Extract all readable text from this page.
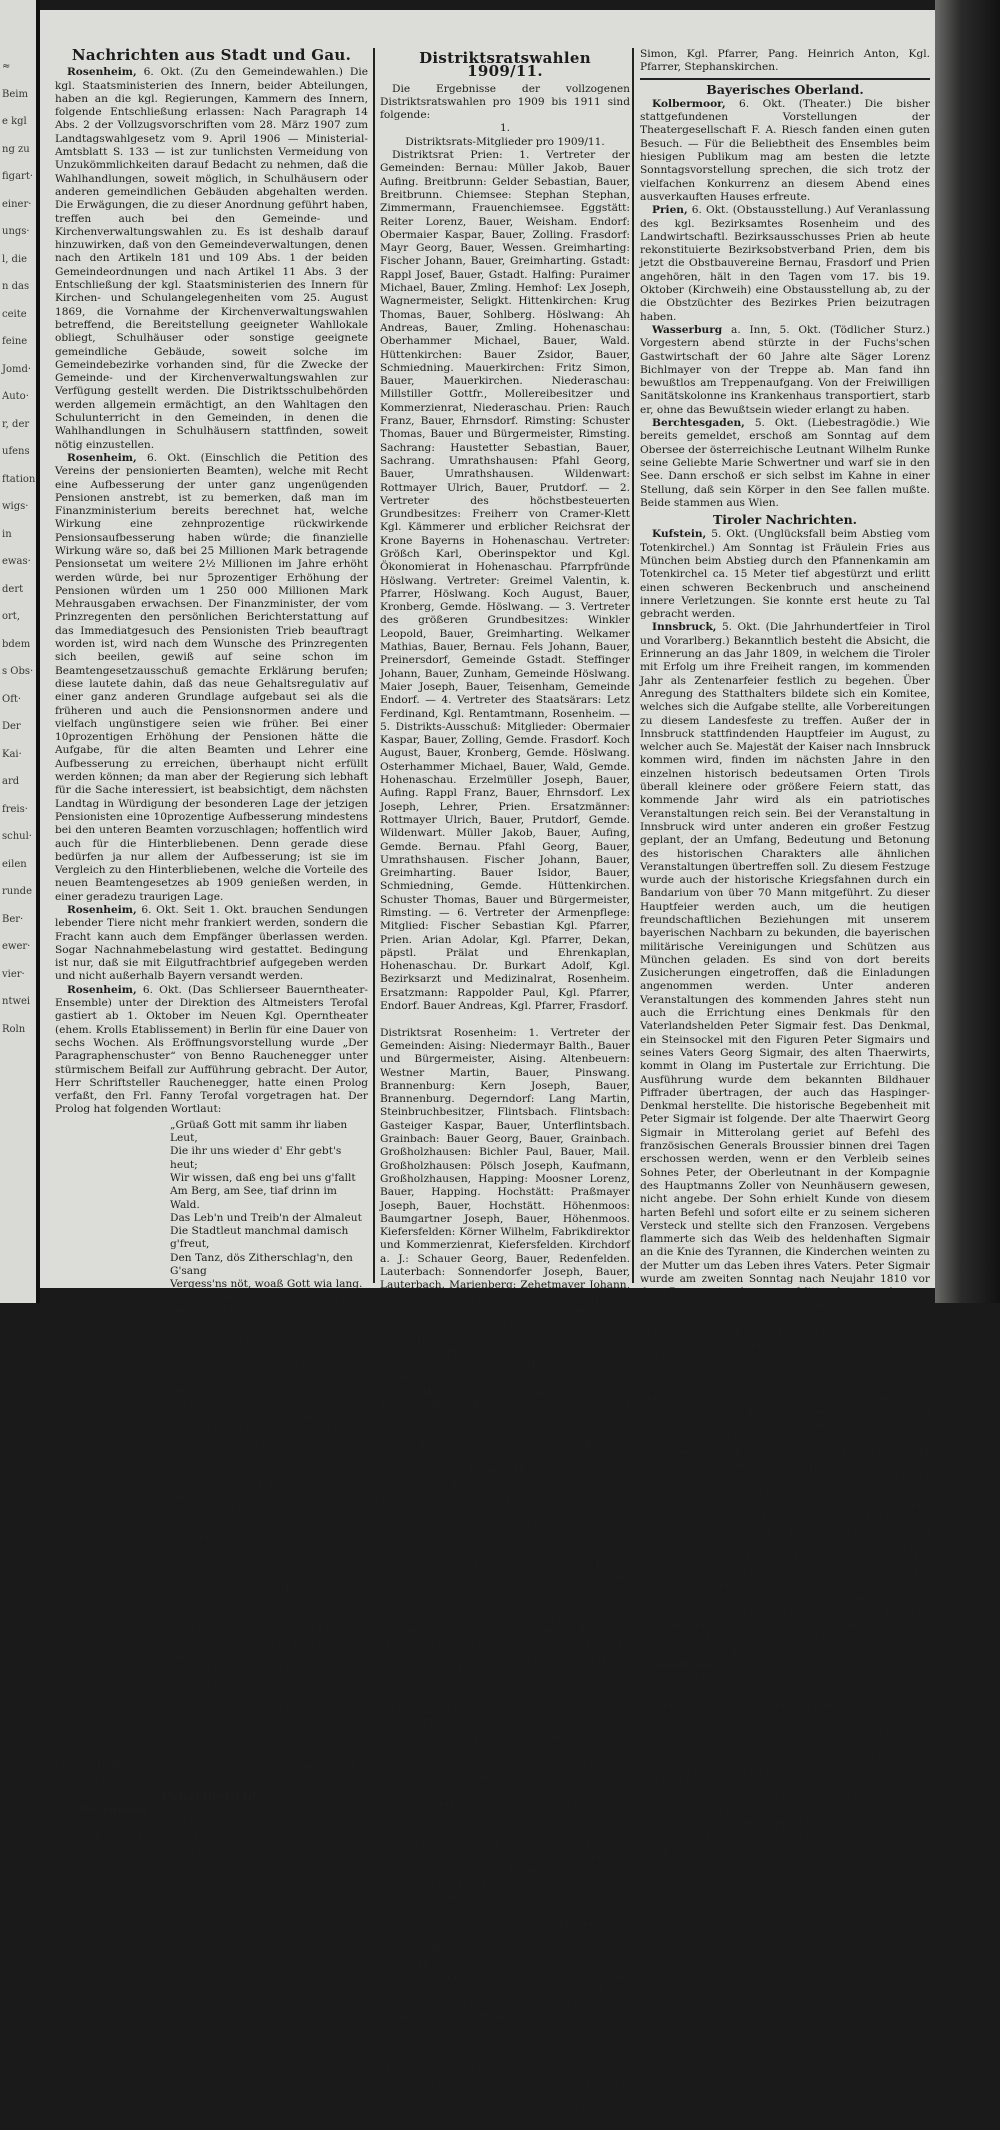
≈
Beim
e kgl
ng zu
figart·
einer·
ungs·
l, die
n das
ceite
feine
Jomd·
Auto·
r, der
ufens
ftation
wigs·
in
ewas·
dert
ort,
bdem
s Obs·
Oft·
Der
Kai·
ard
freis·
schul·
eilen
runde
Ber·
ewer·
vier·
ntwei
Roln
Nachrichten aus Stadt und Gau.

Rosenheim, 6. Okt. (Zu den Gemeindewahlen.) Die kgl. Staatsministerien des Innern, beider Abteilungen, haben an die kgl. Regierungen, Kammern des Innern, folgende Entschließung erlassen: Nach Paragraph 14 Abs. 2 der Vollzugsvorschriften vom 28. März 1907 zum Landtagswahlgesetz vom 9. April 1906 — Ministerial-Amtsblatt S. 133 — ist zur tunlichsten Vermeidung von Unzukömmlichkeiten darauf Bedacht zu nehmen, daß die Wahlhandlungen, soweit möglich, in Schulhäusern oder anderen gemeindlichen Gebäuden abgehalten werden. Die Erwägungen, die zu dieser Anordnung geführt haben, treffen auch bei den Gemeinde- und Kirchenverwaltungswahlen zu. Es ist deshalb darauf hinzuwirken, daß von den Gemeindeverwaltungen, denen nach den Artikeln 181 und 109 Abs. 1 der beiden Gemeindeordnungen und nach Artikel 11 Abs. 3 der Entschließung der kgl. Staatsministerien des Innern für Kirchen- und Schulangelegenheiten vom 25. August 1869, die Vornahme der Kirchenverwaltungswahlen betreffend, die Bereitstellung geeigneter Wahllokale obliegt, Schulhäuser oder sonstige geeignete gemeindliche Gebäude, soweit solche im Gemeindebezirke vorhanden sind, für die Zwecke der Gemeinde- und der Kirchenverwaltungswahlen zur Verfügung gestellt werden. Die Distriktsschulbehörden werden allgemein ermächtigt, an den Wahltagen den Schulunterricht in den Gemeinden, in denen die Wahlhandlungen in Schulhäusern stattfinden, soweit nötig einzustellen.

Rosenheim, 6. Okt. (Einschlich die Petition des Vereins der pensionierten Beamten), welche mit Recht eine Aufbesserung der unter ganz ungenügenden Pensionen anstrebt, ist zu bemerken, daß man im Finanzministerium bereits berechnet hat, welche Wirkung eine zehnprozentige rückwirkende Pensionsaufbesserung haben würde; die finanzielle Wirkung wäre so, daß bei 25 Millionen Mark betragende Pensionsetat um weitere 2½ Millionen im Jahre erhöht werden würde, bei nur 5prozentiger Erhöhung der Pensionen würden um 1 250 000 Millionen Mark Mehrausgaben erwachsen. Der Finanzminister, der vom Prinzregenten den persönlichen Berichterstattung auf das Immediatgesuch des Pensionisten Trieb beauftragt worden ist, wird nach dem Wunsche des Prinzregenten sich beeilen, gewiß auf seine schon im Beamtengesetzausschuß gemachte Erklärung berufen; diese lautete dahin, daß das neue Gehaltsregulativ auf einer ganz anderen Grundlage aufgebaut sei als die früheren und auch die Pensionsnormen andere und vielfach ungünstigere seien wie früher. Bei einer 10prozentigen Erhöhung der Pensionen hätte die Aufgabe, für die alten Beamten und Lehrer eine Aufbesserung zu erreichen, überhaupt nicht erfüllt werden können; da man aber der Regierung sich lebhaft für die Sache interessiert, ist beabsichtigt, dem nächsten Landtag in Würdigung der besonderen Lage der jetzigen Pensionisten eine 10prozentige Aufbesserung mindestens bei den unteren Beamten vorzuschlagen; hoffentlich wird auch für die Hinterbliebenen. Denn gerade diese bedürfen ja nur allem der Aufbesserung; ist sie im Vergleich zu den Hinterbliebenen, welche die Vorteile des neuen Beamtengesetzes ab 1909 genießen werden, in einer geradezu traurigen Lage.

Rosenheim, 6. Okt. Seit 1. Okt. brauchen Sendungen lebender Tiere nicht mehr frankiert werden, sondern die Fracht kann auch dem Empfänger überlassen werden. Sogar Nachnahmebelastung wird gestattet. Bedingung ist nur, daß sie mit Eilgutfrachtbrief aufgegeben werden und nicht außerhalb Bayern versandt werden.

Rosenheim, 6. Okt. (Das Schlierseer Bauerntheater-Ensemble) unter der Direktion des Altmeisters Terofal gastiert ab 1. Oktober im Neuen Kgl. Operntheater (ehem. Krolls Etablissement) in Berlin für eine Dauer von sechs Wochen. Als Eröffnungsvorstellung wurde „Der Paragraphenschuster“ von Benno Rauchenegger unter stürmischem Beifall zur Aufführung gebracht. Der Autor, Herr Schriftsteller Rauchenegger, hatte einen Prolog verfaßt, den Frl. Fanny Terofal vorgetragen hat. Der Prolog hat folgenden Wortlaut:

„Grüaß Gott mit samm ihr liaben Leut,
Die ihr uns wieder d' Ehr gebt's heut;
Wir wissen, daß eng bei uns g'fallt
Am Berg, am See, tiaf drinn im Wald.
Das Leb'n und Treib'n der Almaleut
Die Stadtleut manchmal damisch g'freut,
Den Tanz, dös Zitherschlag'n, den G'sang
Vergess'ns nöt, woaß Gott wia lang.
In unsrer Hoamat werd's jetzt fad,
Denn 's letzte Groamat is scho' g'maht,
Die Alma lieg'n scho' ganz verschneit,
Koan Juhazer hörst weit und breit,
Koa Glöckerl ma' von oben hört,
Denn 's Almvieh is im Stall eing'sperrt,
Und dö dazua g'hört, d' Sennerin,
Dö hockt recht fad im Stüberl drinn.
Wenn's so is, nachat packt ma z'samm
's Theater, d' Musi, was ma ham,
Und roas'n damit umanand,
Denn spiel'n könn' ma ja allerhand.
Wir bringan Gmüat, wir bringan Scherz,
Wir geb'n eng unser ganzes Herz;
Net, daß wir damit aufdrah'n woll'n,
Na, na, wir tuan gar net so g'schwoll'n,
Wir werd'n heut aus dem Bauernleb'n
Was Lustig's eng zum Besten geb'n.
Zum Lach'n was, net zum Studiern,
Wir wollen's mit an G'spaß probiern,
Denn ernst is Leben mehr als gnua
Und oft kimmt's Unglück a dazua.
I denk', nach Tages Müh und Last
Is Frohsinn doch der beste Gast,
Und in dem Sinn bitt i um Gunst
Für uns're schlichte Bauernkunst.“

Das Volksstück „Der Paragraphenschuster“ wurde bei ausverkauftem Hause mit größter Freude aufgenommen und Herr Benno Rauchenegger wiederholt nach Schluß der Aufführung vor die Rampe gerufen.

Polizeibericht.

P. Rosenheim, 6. Okt. Am Samstag abends halb 6 Uhr wurde am hiesigen Bahnhof ein Rucksack entwendet, der dort auf einer Bank lag. Im Rucksack befanden sich ein Paar frisch gesohlte Frauenschuhe und mehrere Romanhefte.

Distriktsratswahlen 1909/11.

Die Ergebnisse der vollzogenen Distriktsratswahlen pro 1909 bis 1911 sind folgende:

1.

Distriktsrats-Mitglieder pro 1909/11.

Distriktsrat Prien: 1. Vertreter der Gemeinden: Bernau: Müller Jakob, Bauer Aufing. Breitbrunn: Gelder Sebastian, Bauer, Breitbrunn. Chiemsee: Stephan Stephan, Zimmermann, Frauenchiemsee. Eggstätt: Reiter Lorenz, Bauer, Weisham. Endorf: Obermaier Kaspar, Bauer, Zolling. Frasdorf: Mayr Georg, Bauer, Wessen. Greimharting: Fischer Johann, Bauer, Greimharting. Gstadt: Rappl Josef, Bauer, Gstadt. Halfing: Puraimer Michael, Bauer, Zmling. Hemhof: Lex Joseph, Wagnermeister, Seligkt. Hittenkirchen: Krug Thomas, Bauer, Sohlberg. Höslwang: Ah Andreas, Bauer, Zmling. Hohenaschau: Oberhammer Michael, Bauer, Wald. Hüttenkirchen: Bauer Zsidor, Bauer, Schmiedning. Mauerkirchen: Fritz Simon, Bauer, Mauerkirchen. Niederaschau: Millstiller Gottfr., Mollereibesitzer und Kommerzienrat, Niederaschau. Prien: Rauch Franz, Bauer, Ehrnsdorf. Rimsting: Schuster Thomas, Bauer und Bürgermeister, Rimsting. Sachrang: Haustetter Sebastian, Bauer, Sachrang. Umrathshausen: Pfahl Georg, Bauer, Umrathshausen. Wildenwart: Rottmayer Ulrich, Bauer, Prutdorf. — 2. Vertreter des höchstbesteuerten Grundbesitzes: Freiherr von Cramer-Klett Kgl. Kämmerer und erblicher Reichsrat der Krone Bayerns in Hohenaschau. Vertreter: Größch Karl, Oberinspektor und Kgl. Ökonomierat in Hohenaschau. Pfarrpfründe Höslwang. Vertreter: Greimel Valentin, k. Pfarrer, Höslwang. Koch August, Bauer, Kronberg, Gemde. Höslwang. — 3. Vertreter des größeren Grundbesitzes: Winkler Leopold, Bauer, Greimharting. Welkamer Mathias, Bauer, Bernau. Fels Johann, Bauer, Preinersdorf, Gemeinde Gstadt. Steffinger Johann, Bauer, Zunham, Gemeinde Höslwang. Maier Joseph, Bauer, Teisenham, Gemeinde Endorf. — 4. Vertreter des Staatsärars: Letz Ferdinand, Kgl. Rentamtmann, Rosenheim. — 5. Distrikts-Ausschuß: Mitglieder: Obermaier Kaspar, Bauer, Zolling, Gemde. Frasdorf. Koch August, Bauer, Kronberg, Gemde. Höslwang. Osterhammer Michael, Bauer, Wald, Gemde. Hohenaschau. Erzelmüller Joseph, Bauer, Aufing. Rappl Franz, Bauer, Ehrnsdorf. Lex Joseph, Lehrer, Prien. Ersatzmänner: Rottmayer Ulrich, Bauer, Prutdorf, Gemde. Wildenwart. Müller Jakob, Bauer, Aufing, Gemde. Bernau. Pfahl Georg, Bauer, Umrathshausen. Fischer Johann, Bauer, Greimharting. Bauer Isidor, Bauer, Schmiedning, Gemde. Hüttenkirchen. Schuster Thomas, Bauer und Bürgermeister, Rimsting. — 6. Vertreter der Armenpflege: Mitglied: Fischer Sebastian Kgl. Pfarrer, Prien. Arian Adolar, Kgl. Pfarrer, Dekan, päpstl. Prälat und Ehrenkaplan, Hohenaschau. Dr. Burkart Adolf, Kgl. Bezirksarzt und Medizinalrat, Rosenheim. Ersatzmann: Rappolder Paul, Kgl. Pfarrer, Endorf. Bauer Andreas, Kgl. Pfarrer, Frasdorf.

Distriktsrat Rosenheim: 1. Vertreter der Gemeinden: Aising: Niedermayr Balth., Bauer und Bürgermeister, Aising. Altenbeuern: Westner Martin, Bauer, Pinswang. Brannenburg: Kern Joseph, Bauer, Brannenburg. Degerndorf: Lang Martin, Steinbruchbesitzer, Flintsbach. Flintsbach: Gasteiger Kaspar, Bauer, Unterflintsbach. Grainbach: Bauer Georg, Bauer, Grainbach. Großholzhausen: Bichler Paul, Bauer, Mail. Großholzhausen: Pölsch Joseph, Kaufmann, Großholzhausen, Happing: Moosner Lorenz, Bauer, Happing. Hochstätt: Praßmayer Joseph, Bauer, Hochstätt. Höhenmoos: Baumgartner Joseph, Bauer, Höhenmoos. Kiefersfelden: Körner Wilhelm, Fabrikdirektor und Kommerzienrat, Kiefersfelden. Kirchdorf a. J.: Schauer Georg, Bauer, Redenfelden. Lauterbach: Sonnendorfer Joseph, Bauer, Lauterbach. Marienberg: Zehetmayer Johann, Bauer, Germering. Neubeuern: Wisböck Joseph, Bauer, Gemde. Neubeuern. Niederaudorf: Rechenauer Andreas, Gastwirt, Persdorf. Niederaudorf: Gruber Ludwig, Bauer, Niederaudorf. Nußdorf: Dettendorfer Wolfgang, Bauer, Überfilzen. Oberaudorf: Hagen Karl, Apotheker, Oberaudorf. Pang: Bauer, Hohenofen. Pfraundorf: Reitschuster Thomas, Bauer, Breitaich. Prutting: Kronast Johann, Bauer, Mangolding. Riedering: Berger Joseph, Bauer, Kaltenbach. Rohrdorf: Bauer Anton, Bauer, Zaisering. Söchtenau: Brunner Joseph, Bauer, Timming. Stephanskirchen: Stein Johann, Bauer, Hundham. Thansau: Ortmayer Balthasar, Bauer, Rohrdorf. Tuntenhausen: Binder Peter, Schmiedmeister, Esbaum. Vogtareuth: Winterholler Fr., Fabrikbes., Stephanskirchen. Törwang: Pallauf Jos., Gastwirt, Törwang. Westerndorf: Hoffstetter Jos., Bürgermeister, Vogtareuth. Westerndorf: Kiener Georg, Bauer, Pfaffenhofen. — 2. Vertreter des höchstbesteuerten Grundbesitzes: Steinbeis Otto, Kommerzienrat, Degerndorf. Menbestadt Jan, Freiherr von Schloßgutsbesitzer, Neubeuern. Reinhard Max, Schloßgutsbesitzer und Kgl. Major a. D. Brannenburg, Oberhammer Hugo, Gutsbesitzer, München. — 3. Vertreter der größeren Grundbesitzes: Wagner Joseph, Bauer, Wang. Sailer Joseph, Mühlbesitzer, Mühlgrünmühle. Guggenberger Joseph, Bauer, Fürstätt, Gemde. Pang. Sandbichler Joseph, Bauer, Piezing. Danner Matthäus, Bauer, Lohen, Gemde. Marienberg. Auer Joseph, Bauer, Mühlau, Gemde. Kiefersfelden. Fürst August, Mühlbesitzer, Gang. Steinegger Johann, Bauer, Vogtareuth. Klöo Stephan, Bauer, Baierbach, Gemde. Stephanskirchen. — 4. Vertreter des Staatsärars: Letz Ferdinand, Kgl. Rentamtmann, Rosenheim. — 5. Distrikts-Ausschuß: Mitglieder: Brunner Joseph, Bauer, Timming, Gemde. Söchtering. Wisböck Joseph, Bauer, Neubeuern. Dinzenhofer Frz., Bauer, Hahenofen, Gemde. Pang. Steinbeis Otto, Kommerzienrat, Degerndorf. Sandbichler Joseph, Bauer, Piezing. Kiener Georg, Bauer, Pfaffenhofen, Gemde. Westerndorf. Ersatzmänner: Wagner Joseph, Bauer, Wang. Praßmayer Joseph, Bauer, Hochstätt. Sailer Joseph, Mühlbesitzer, Mühlgrünmühle, Gemde. Aising. Gruber Ludwig, Bauer, Niederaudorf. Winderholler Franz, Fabrikbesitzer, Stephanskirchen. Huber Joseph, Bauer, Fürstätt, Gemde. Westerndorf. — 6. Vertreter der Armenpflege: Mitglieder: Rapl Joseph, Kgl. Pfarrer und Distriktsschulinspektor, Neubeuern. Bed Martin, Kgl. Pfarrer und Distriktsschulinspektor, Oberaudorf. Dr. Burkart Adolf, Kgl. Bezirksarzt und Medizinalrat, Rosenheim. Ersatzmänner: Irlbacher Simon,

Simon, Kgl. Pfarrer, Pang. Heinrich Anton, Kgl. Pfarrer, Stephanskirchen.

Bayerisches Oberland.

Kolbermoor, 6. Okt. (Theater.) Die bisher stattgefundenen Vorstellungen der Theatergesellschaft F. A. Riesch fanden einen guten Besuch. — Für die Beliebtheit des Ensembles beim hiesigen Publikum mag am besten die letzte Sonntagsvorstellung sprechen, die sich trotz der vielfachen Konkurrenz an diesem Abend eines ausverkauften Hauses erfreute.

Prien, 6. Okt. (Obstausstellung.) Auf Veranlassung des kgl. Bezirksamtes Rosenheim und des Landwirtschaftl. Bezirksausschusses Prien ab heute rekonstituierte Bezirksobstverband Prien, dem bis jetzt die Obstbauvereine Bernau, Frasdorf und Prien angehören, hält in den Tagen vom 17. bis 19. Oktober (Kirchweih) eine Obstausstellung ab, zu der die Obstzüchter des Bezirkes Prien beizutragen haben.

Wasserburg a. Inn, 5. Okt. (Tödlicher Sturz.) Vorgestern abend stürzte in der Fuchs'schen Gastwirtschaft der 60 Jahre alte Säger Lorenz Bichlmayer von der Treppe ab. Man fand ihn bewußtlos am Treppenaufgang. Von der Freiwilligen Sanitätskolonne ins Krankenhaus transportiert, starb er, ohne das Bewußtsein wieder erlangt zu haben.

Berchtesgaden, 5. Okt. (Liebestragödie.) Wie bereits gemeldet, erschoß am Sonntag auf dem Obersee der österreichische Leutnant Wilhelm Runke seine Geliebte Marie Schwertner und warf sie in den See. Dann erschoß er sich selbst im Kahne in einer Stellung, daß sein Körper in den See fallen mußte. Beide stammen aus Wien.

Tiroler Nachrichten.

Kufstein, 5. Okt. (Unglücksfall beim Abstieg vom Totenkirchel.) Am Sonntag ist Fräulein Fries aus München beim Abstieg durch den Pfannenkamin am Totenkirchel ca. 15 Meter tief abgestürzt und erlitt einen schweren Beckenbruch und anscheinend innere Verletzungen. Sie konnte erst heute zu Tal gebracht werden.

Innsbruck, 5. Okt. (Die Jahrhundertfeier in Tirol und Vorarlberg.) Bekanntlich besteht die Absicht, die Erinnerung an das Jahr 1809, in welchem die Tiroler mit Erfolg um ihre Freiheit rangen, im kommenden Jahr als Zentenarfeier festlich zu begehen. Über Anregung des Statthalters bildete sich ein Komitee, welches sich die Aufgabe stellte, alle Vorbereitungen zu diesem Landesfeste zu treffen. Außer der in Innsbruck stattfindenden Hauptfeier im August, zu welcher auch Se. Majestät der Kaiser nach Innsbruck kommen wird, finden im nächsten Jahre in den einzelnen historisch bedeutsamen Orten Tirols überall kleinere oder größere Feiern statt, das kommende Jahr wird als ein patriotisches Veranstaltungen reich sein. Bei der Veranstaltung in Innsbruck wird unter anderen ein großer Festzug geplant, der an Umfang, Bedeutung und Betonung des historischen Charakters alle ähnlichen Veranstaltungen übertreffen soll. Zu diesem Festzuge wurde auch der historische Kriegsfahnen durch ein Bandarium von über 70 Mann mitgeführt. Zu dieser Hauptfeier werden auch, um die heutigen freundschaftlichen Beziehungen mit unserem bayerischen Nachbarn zu bekunden, die bayerischen militärische Vereinigungen und Schützen aus München geladen. Es sind von dort bereits Zusicherungen eingetroffen, daß die Einladungen angenommen werden. Unter anderen Veranstaltungen des kommenden Jahres steht nun auch die Errichtung eines Denkmals für den Vaterlandshelden Peter Sigmair fest. Das Denkmal, ein Steinsockel mit den Figuren Peter Sigmairs und seines Vaters Georg Sigmair, des alten Thaerwirts, kommt in Olang im Pustertale zur Errichtung. Die Ausführung wurde dem bekannten Bildhauer Piffrader übertragen, der auch das Haspinger-Denkmal herstellte. Die historische Begebenheit mit Peter Sigmair ist folgende. Der alte Thaerwirt Georg Sigmair in Mitterolang geriet auf Befehl des französischen Generals Broussier binnen drei Tagen erschossen werden, wenn er den Verbleib seines Sohnes Peter, der Oberleutnant in der Kompagnie des Hauptmanns Zoller von Neunhäusern gewesen, nicht angebe. Der Sohn erhielt Kunde von diesem harten Befehl und sofort eilte er zu seinem sicheren Versteck und stellte sich den Franzosen. Vergebens flammerte sich das Weib des heldenhaften Sigmair an die Knie des Tyrannen, die Kinderchen weinten zu der Mutter um das Leben ihres Vaters. Peter Sigmair wurde am zweiten Sonntag nach Neujahr 1810 vor dem Baumgartnerhause zu Mitterolang erschossen. Die einzige Vergünstigung, welche der Franzose gestattete, war, daß Sigmair nicht, wie es ursprünglich beabsichtigt und angeordnet war, vor seinem Vaterhause erschossen und dann an einem Galgen aufgehängt werden sollte. Das Andenken dieses heldenmütigen Opfers soll so am besten die Nachwelt überliefert. Wie der Festzug und all die übrigen kleinen Einzelheiten aus den Zeiten der Befreiungskriege. Die hervorragendsten Helden und Dulder dieser schweren Zeit sollen nun, wie es sich gebührt, aus Anlaß der Zentenarfeier im kommenden Jahre geehrt werden. Auch das Land Vorarlberg plant eine würdige Begehung des Erinnerungsjahres. Das Komitee, welches sich zu diesem Zwecke bildete, hat am 2. d. Mts. einen Entwurf für einen historischen Schützen- und Soldatenfest-Festzug in Bregenz ausgearbeitet. Der Landeshauptmann, Reichstagsabgeordneter und Herrenhausmitglied Rhomberg, Reichsratsabgeordneter Fink, Bürgermeister Dr. Kinz-Feldkirch, Bürgermeister Dr. Peer-Feldkirch und Landesausschußmitglied Dr. Drexel richteten an das Allerhöchste Hoflager zu Wien an den Kaiser und den Thronfolger Erzherzog Franz Ferdinand zur Teilnahme an dem in Bregenz stattfindenden Vorarlberger Feste einzuladen. Der Erzherzog Eugen wird um die Übernahme des Protektorats des Festzuges gebeten.

Innsbruck, 4. Okt. (Vom Zuge getötet.) Der Zeltwarenfabrikant Fritz Spiegel aus Innsbruck, früher Kronenwirt in Oberdorf, fuhr am 2. d. Mts. abends mit seinem zweispännigen Fuhrwerk von Bregenz nach Dornbirn zurück. In der Nähe von Lauterach befand sich er an der Kreuzung der Reichsstraße mit der Arlbergbahn vor einem herannahenden Zuge, er fuhr in der Dunkelheit auf den Bahnkörper hinauf. Die Pferde rissen sich von der Deichsel los, der Wagen aber, in dem Spiegel saß, wurde zertrümmert. Der Mann wurde von der Lokomotive erfaßt und ein Stück weit mitgeschleift. Als man den Zug zum Stehen brachte, fand man den Körper des Mannes in gräßlich zerfetztem Zustande auf. Er starb auf der Stelle.
